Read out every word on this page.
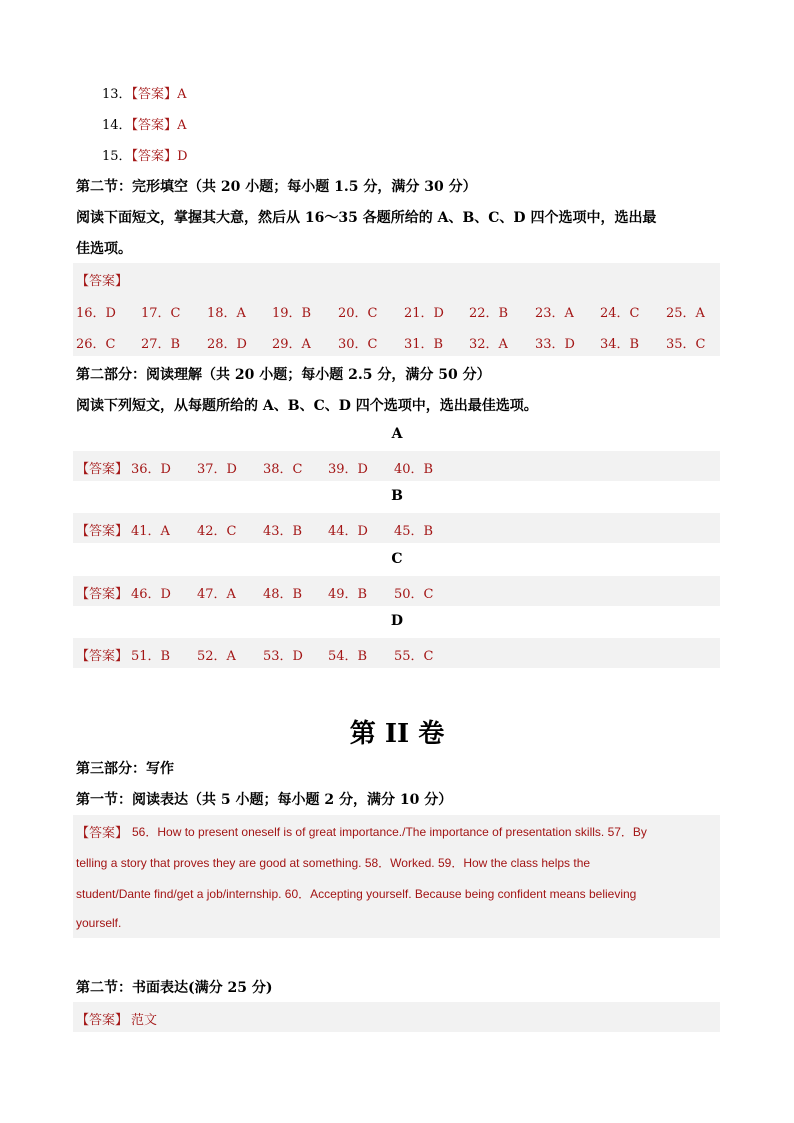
13．【答案】A
14．【答案】A
15．【答案】D
第二节：完形填空（共 20 小题；每小题 1.5 分，满分 30 分）
阅读下面短文，掌握其大意，然后从 16～35 各题所给的 A、B、C、D 四个选项中，选出最
佳选项。
【答案】
16．D 17．C 18．A 19．B 20．C 21．D 22．B 23．A 24．C 25．A
26．C 27．B 28．D 29．A 30．C 31．B 32．A 33．D 34．B 35．C
第二部分：阅读理解（共 20 小题；每小题 2.5 分，满分 50 分）
阅读下列短文，从每题所给的 A、B、C、D 四个选项中，选出最佳选项。
A
【答案】 36．D 37．D 38．C 39．D 40．B
B
【答案】 41．A 42．C 43．B 44．D 45．B
C
【答案】 46．D 47．A 48．B 49．B 50．C
D
【答案】 51．B 52．A 53．D 54．B 55．C
第 II 卷
第三部分：写作
第一节：阅读表达（共 5 小题；每小题 2 分，满分 10 分）
【答案】 56．How to present oneself is of great importance./The importance of presentation skills. 57．By
telling a story that proves they are good at something. 58．Worked. 59．How the class helps the
student/Dante find/get a job/internship. 60．Accepting yourself. Because being confident means believing
yourself.
第二节：书面表达(满分 25 分)
【答案】 范文
